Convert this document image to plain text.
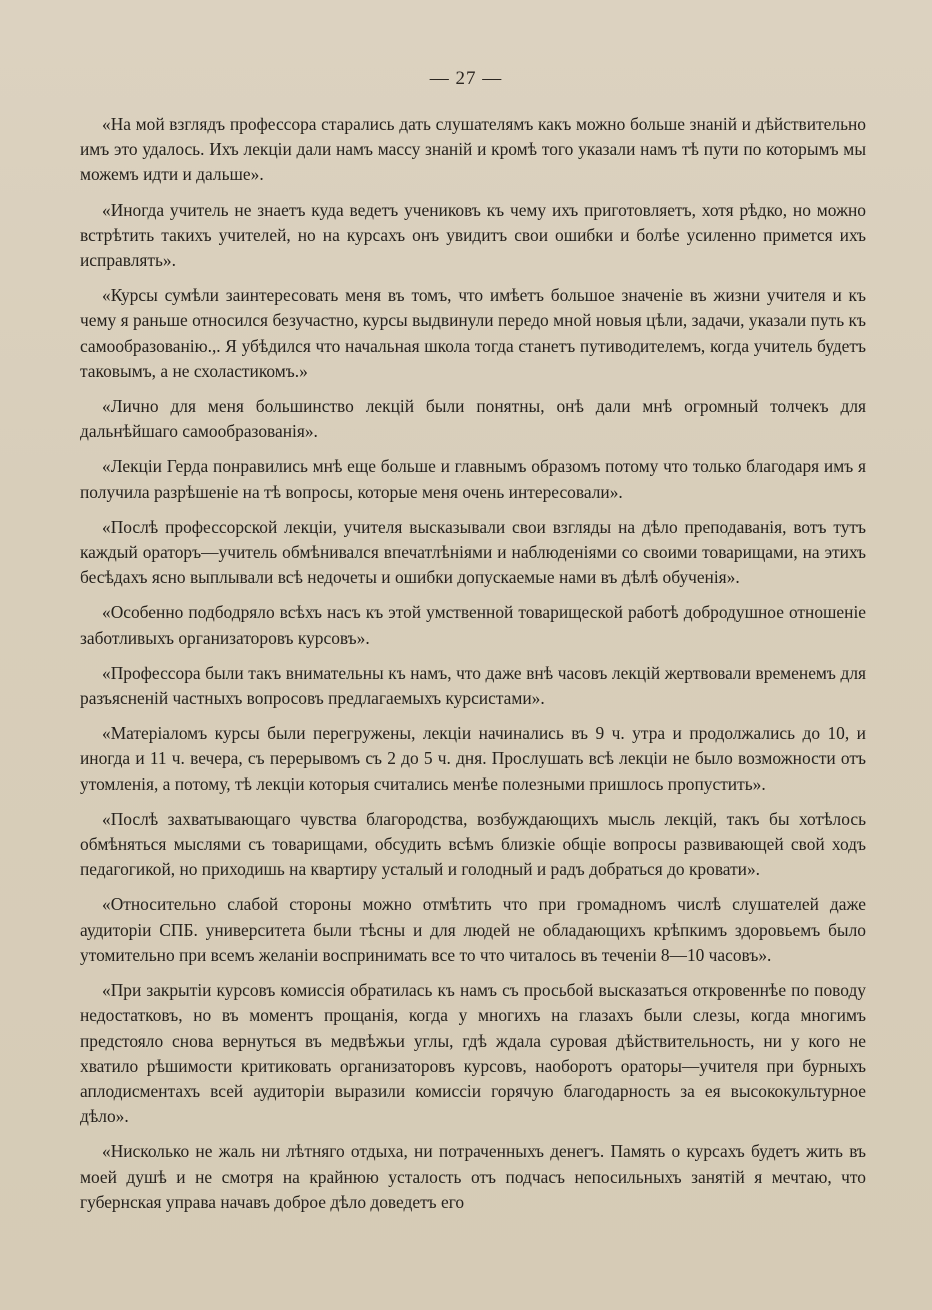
— 27 —

«На мой взглядъ профессора старались дать слушателямъ какъ можно больше знаній и дѣйствительно имъ это удалось. Ихъ лекціи дали намъ массу знаній и кромѣ того указали намъ тѣ пути по которымъ мы можемъ идти и дальше».

«Иногда учитель не знаетъ куда ведетъ учениковъ къ чему ихъ приготовляетъ, хотя рѣдко, но можно встрѣтить такихъ учителей, но на курсахъ онъ увидитъ свои ошибки и болѣе усиленно примется ихъ исправлять».

«Курсы сумѣли заинтересовать меня въ томъ, что имѣетъ большое значеніе въ жизни учителя и къ чему я раньше относился безучастно, курсы выдвинули передо мной новыя цѣли, задачи, указали путь къ самообразованію.,. Я убѣдился что начальная школа тогда станетъ путиводителемъ, когда учитель будетъ таковымъ, а не схоластикомъ.»

«Лично для меня большинство лекцій были понятны, онѣ дали мнѣ огромный толчекъ для дальнѣйшаго самообразованія».

«Лекціи Герда понравились мнѣ еще больше и главнымъ образомъ потому что только благодаря имъ я получила разрѣшеніе на тѣ вопросы, которые меня очень интересовали».

«Послѣ профессорской лекціи, учителя высказывали свои взгляды на дѣло преподаванія, вотъ тутъ каждый ораторъ—учитель обмѣнивался впечатлѣніями и наблюденіями со своими товарищами, на этихъ бесѣдахъ ясно выплывали всѣ недочеты и ошибки допускаемые нами въ дѣлѣ обученія».

«Особенно подбодряло всѣхъ насъ къ этой умственной товарищеской работѣ добродушное отношеніе заботливыхъ организаторовъ курсовъ».

«Профессора были такъ внимательны къ намъ, что даже внѣ часовъ лекцій жертвовали временемъ для разъясненій частныхъ вопросовъ предлагаемыхъ курсистами».

«Матеріаломъ курсы были перегружены, лекціи начинались въ 9 ч. утра и продолжались до 10, и иногда и 11 ч. вечера, съ перерывомъ съ 2 до 5 ч. дня. Прослушать всѣ лекціи не было возможности отъ утомленія, а потому, тѣ лекціи которыя считались менѣе полезными пришлось пропустить».

«Послѣ захватывающаго чувства благородства, возбуждающихъ мысль лекцій, такъ бы хотѣлось обмѣняться мыслями съ товарищами, обсудить всѣмъ близкіе общіе вопросы развивающей свой ходъ педагогикой, но приходишь на квартиру усталый и голодный и радъ добраться до кровати».

«Относительно слабой стороны можно отмѣтить что при громадномъ числѣ слушателей даже аудиторіи СПБ. университета были тѣсны и для людей не обладающихъ крѣпкимъ здоровьемъ было утомительно при всемъ желаніи воспринимать все то что читалось въ теченіи 8—10 часовъ».

«При закрытіи курсовъ комиссія обратилась къ намъ съ просьбой высказаться откровеннѣе по поводу недостатковъ, но въ моментъ прощанія, когда у многихъ на глазахъ были слезы, когда многимъ предстояло снова вернуться въ медвѣжьи углы, гдѣ ждала суровая дѣйствительность, ни у кого не хватило рѣшимости критиковать организаторовъ курсовъ, наоборотъ ораторы—учителя при бурныхъ аплодисментахъ всей аудиторіи выразили комиссіи горячую благодарность за ея высококультурное дѣло».

«Нисколько не жаль ни лѣтняго отдыха, ни потраченныхъ денегъ. Память о курсахъ будетъ жить въ моей душѣ и не смотря на крайнюю усталость отъ подчасъ непосильныхъ занятій я мечтаю, что губернская управа начавъ доброе дѣло доведетъ его
